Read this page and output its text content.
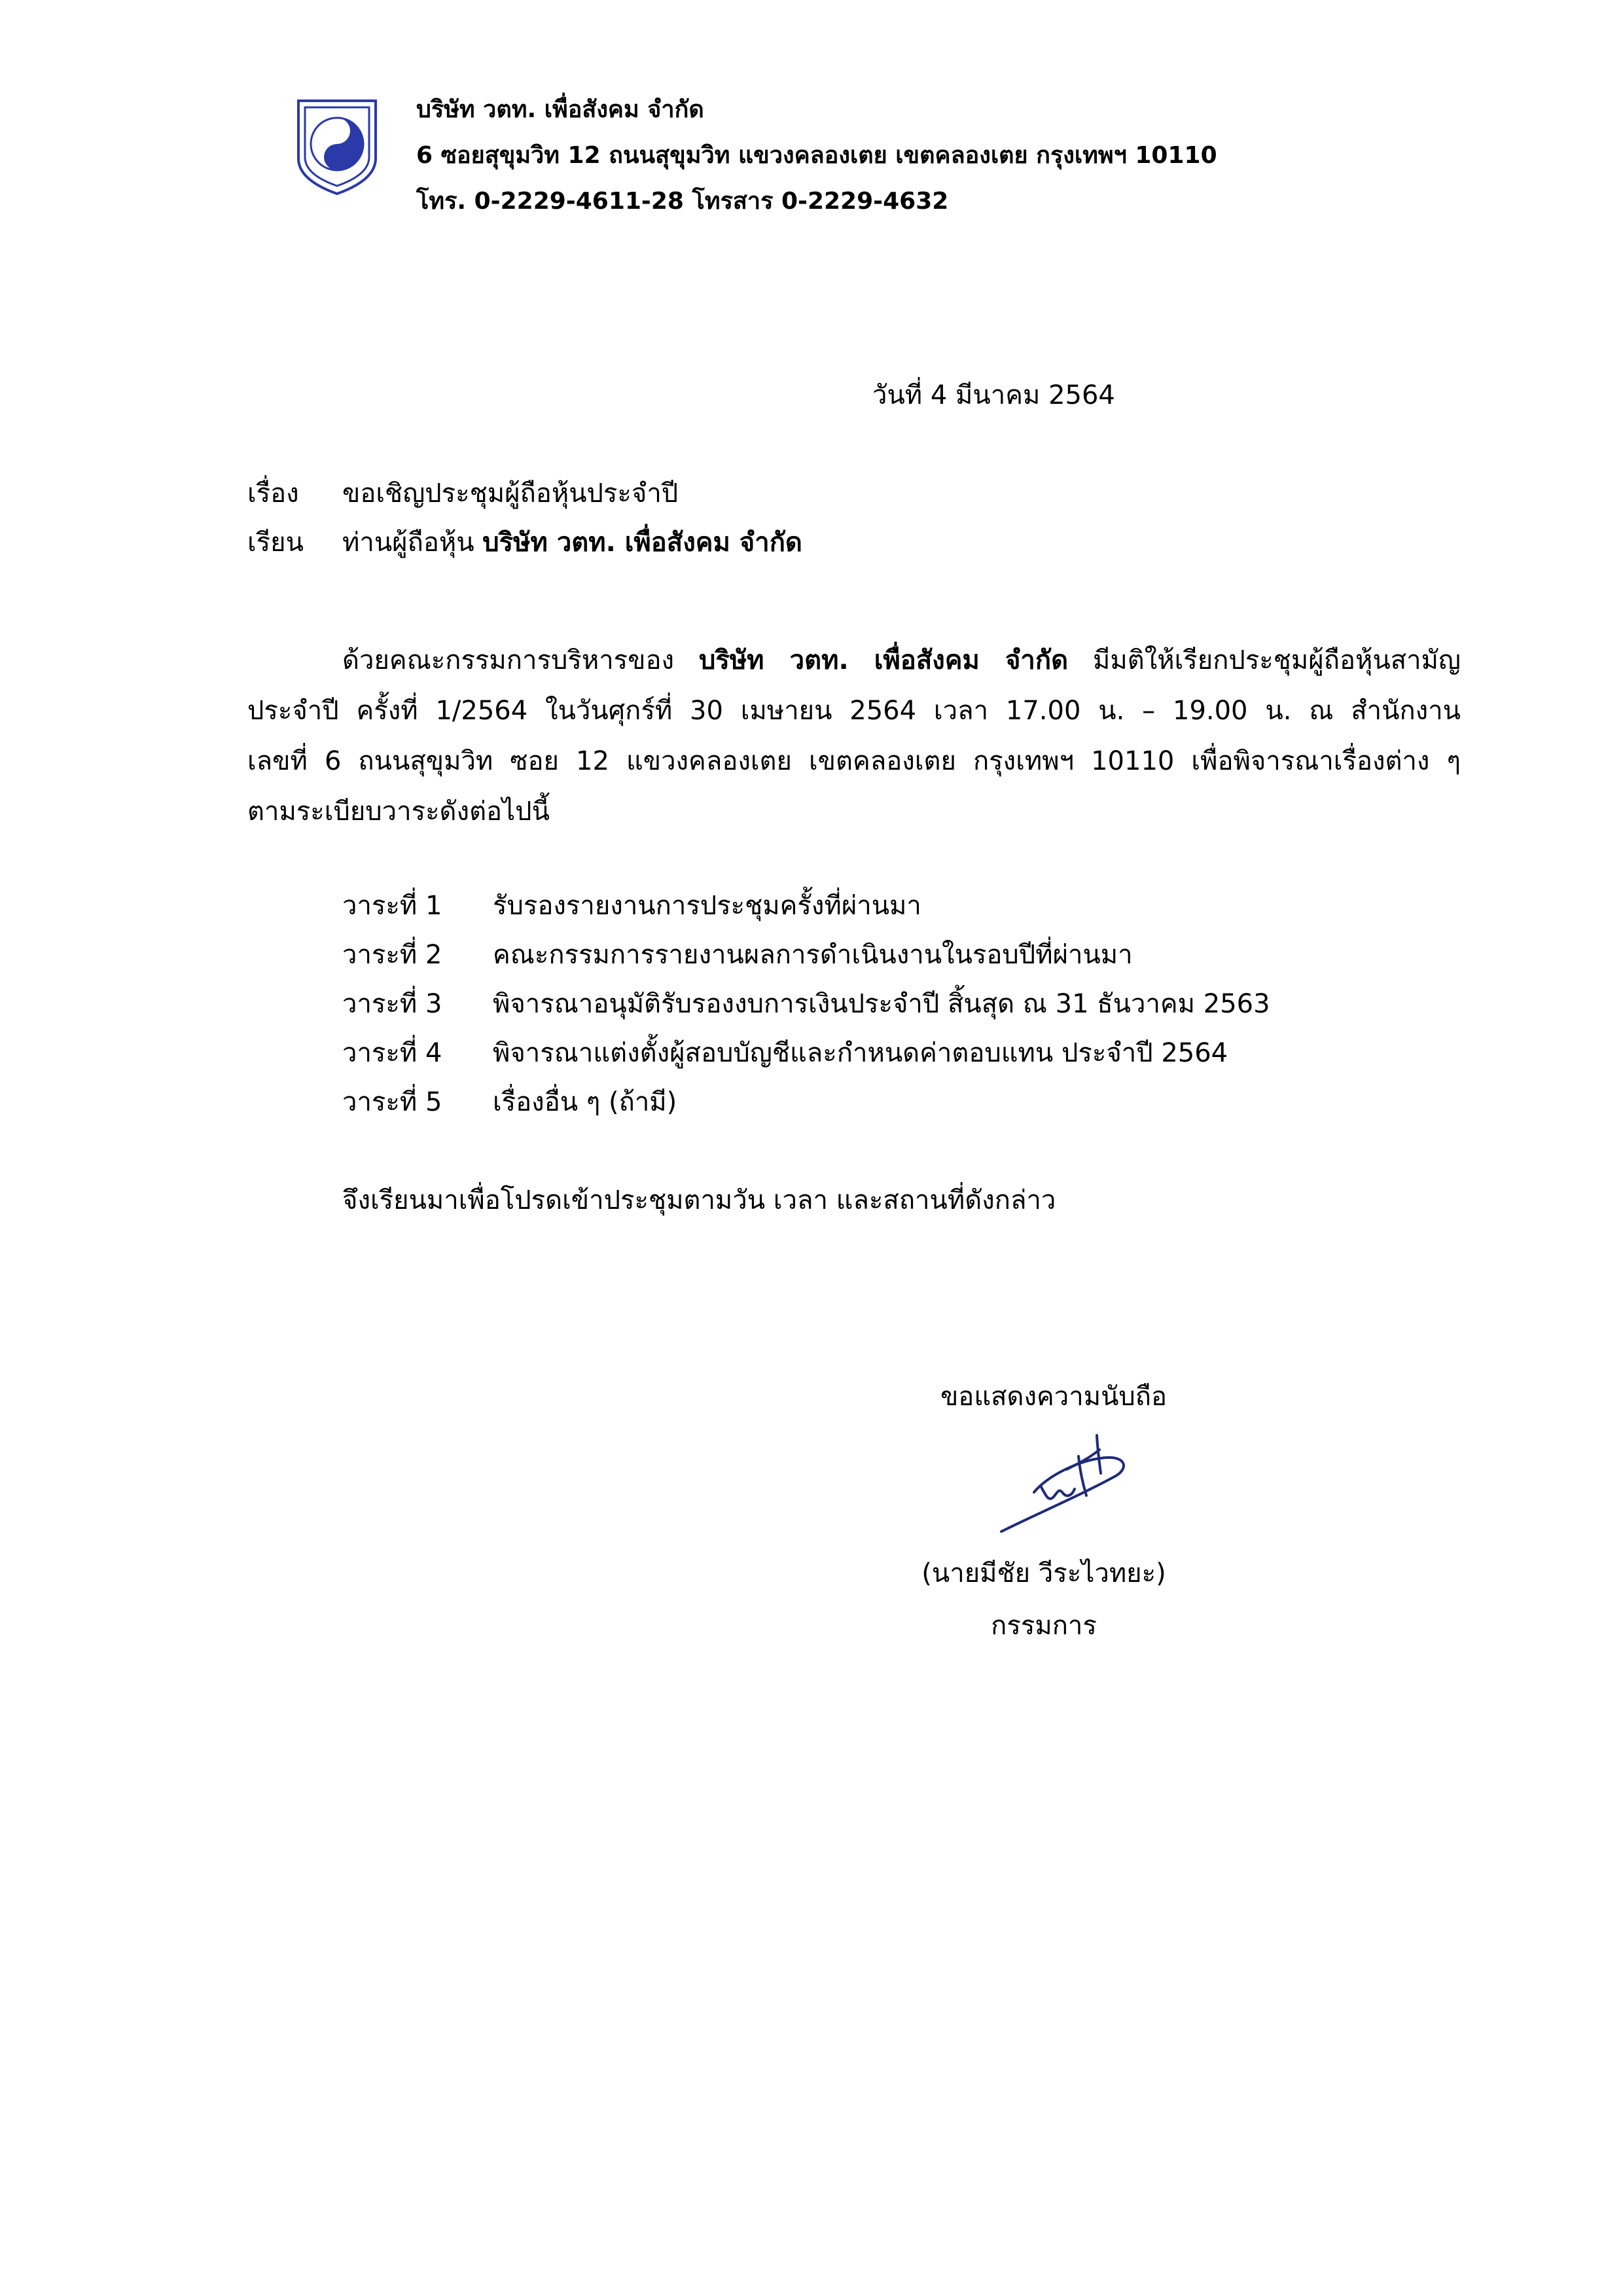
บริษัท วตท. เพื่อสังคม จำกัด
6 ซอยสุขุมวิท 12 ถนนสุขุมวิท แขวงคลองเตย เขตคลองเตย กรุงเทพฯ 10110
โทร. 0-2229-4611-28 โทรสาร 0-2229-4632
วันที่ 4 มีนาคม 2564
เรื่อง ขอเชิญประชุมผู้ถือหุ้นประจำปี
เรียน ท่านผู้ถือหุ้น บริษัท วตท. เพื่อสังคม จำกัด
ด้วยคณะกรรมการบริหารของ บริษัท วตท. เพื่อสังคม จำกัด มีมติให้เรียกประชุมผู้ถือหุ้นสามัญ
ประจำปี ครั้งที่ 1/2564 ในวันศุกร์ที่ 30 เมษายน 2564 เวลา 17.00 น. – 19.00 น. ณ สำนักงาน
เลขที่ 6 ถนนสุขุมวิท ซอย 12 แขวงคลองเตย เขตคลองเตย กรุงเทพฯ 10110 เพื่อพิจารณาเรื่องต่าง ๆ
ตามระเบียบวาระดังต่อไปนี้
วาระที่ 1 รับรองรายงานการประชุมครั้งที่ผ่านมา
วาระที่ 2 คณะกรรมการรายงานผลการดำเนินงานในรอบปีที่ผ่านมา
วาระที่ 3 พิจารณาอนุมัติรับรองงบการเงินประจำปี สิ้นสุด ณ 31 ธันวาคม 2563
วาระที่ 4 พิจารณาแต่งตั้งผู้สอบบัญชีและกำหนดค่าตอบแทน ประจำปี 2564
วาระที่ 5 เรื่องอื่น ๆ (ถ้ามี)
จึงเรียนมาเพื่อโปรดเข้าประชุมตามวัน เวลา และสถานที่ดังกล่าว
ขอแสดงความนับถือ
(นายมีชัย วีระไวทยะ)
กรรมการ
